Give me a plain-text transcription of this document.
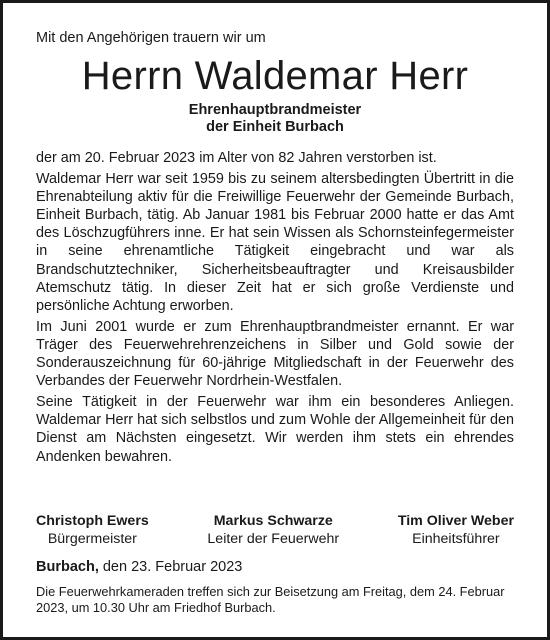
Mit den Angehörigen trauern wir um
Herrn Waldemar Herr
Ehrenhauptbrandmeister
der Einheit Burbach

der am 20. Februar 2023 im Alter von 82 Jahren verstorben ist.

Waldemar Herr war seit 1959 bis zu seinem altersbedingten Übertritt in die Ehrenabteilung aktiv für die Freiwillige Feuerwehr der Gemeinde Burbach, Einheit Burbach, tätig. Ab Januar 1981 bis Februar 2000 hatte er das Amt des Löschzugführers inne. Er hat sein Wissen als Schornsteinfegermeister in seine ehrenamtliche Tätigkeit eingebracht und war als Brandschutztechniker, Sicherheitsbeauftragter und Kreisausbilder Atemschutz tätig. In dieser Zeit hat er sich große Verdienste und persönliche Achtung erworben.

Im Juni 2001 wurde er zum Ehrenhauptbrandmeister ernannt. Er war Träger des Feuerwehrehrenzeichens in Silber und Gold sowie der Sonderauszeichnung für 60-jährige Mitgliedschaft in der Feuerwehr des Verbandes der Feuerwehr Nordrhein-Westfalen.

Seine Tätigkeit in der Feuerwehr war ihm ein besonderes Anliegen. Waldemar Herr hat sich selbstlos und zum Wohle der Allgemeinheit für den Dienst am Nächsten eingesetzt. Wir werden ihm stets ein ehrendes Andenken bewahren.

Christoph Ewers
Bürgermeister
Markus Schwarze
Leiter der Feuerwehr
Tim Oliver Weber
Einheitsführer
Burbach, den 23. Februar 2023
Die Feuerwehrkameraden treffen sich zur Beisetzung am Freitag, dem 24. Februar 2023, um 10.30 Uhr am Friedhof Burbach.
